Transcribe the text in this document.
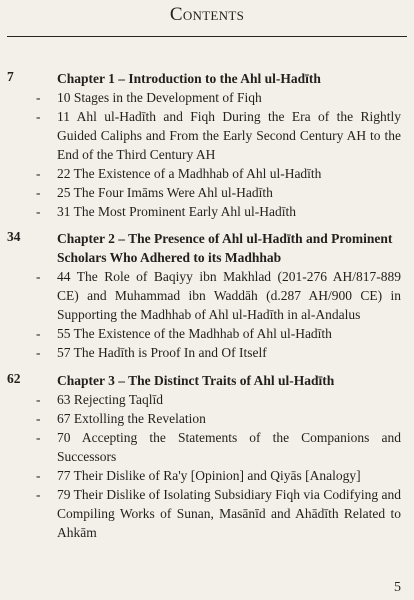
Contents
7	Chapter 1 – Introduction to the Ahl ul-Hadīth
- 10 Stages in the Development of Fiqh
- 11 Ahl ul-Hadīth and Fiqh During the Era of the Rightly Guided Caliphs and From the Early Second Century AH to the End of the Third Century AH
- 22 The Existence of a Madhhab of Ahl ul-Hadīth
- 25 The Four Imāms Were Ahl ul-Hadīth
- 31 The Most Prominent Early Ahl ul-Hadīth
34	Chapter 2 – The Presence of Ahl ul-Hadīth and Prominent Scholars Who Adhered to its Madhhab
- 44 The Role of Baqiyy ibn Makhlad (201-276 AH/817-889 CE) and Muhammad ibn Waddāh (d.287 AH/900 CE) in Supporting the Madhhab of Ahl ul-Hadīth in al-Andalus
- 55 The Existence of the Madhhab of Ahl ul-Hadīth
- 57 The Hadīth is Proof In and Of Itself
62	Chapter 3 – The Distinct Traits of Ahl ul-Hadīth
- 63 Rejecting Taqlīd
- 67 Extolling the Revelation
- 70 Accepting the Statements of the Companions and Successors
- 77 Their Dislike of Ra'y [Opinion] and Qiyās [Analogy]
- 79 Their Dislike of Isolating Subsidiary Fiqh via Codifying and Compiling Works of Sunan, Masānīd and Ahādīth Related to Ahkām
5
